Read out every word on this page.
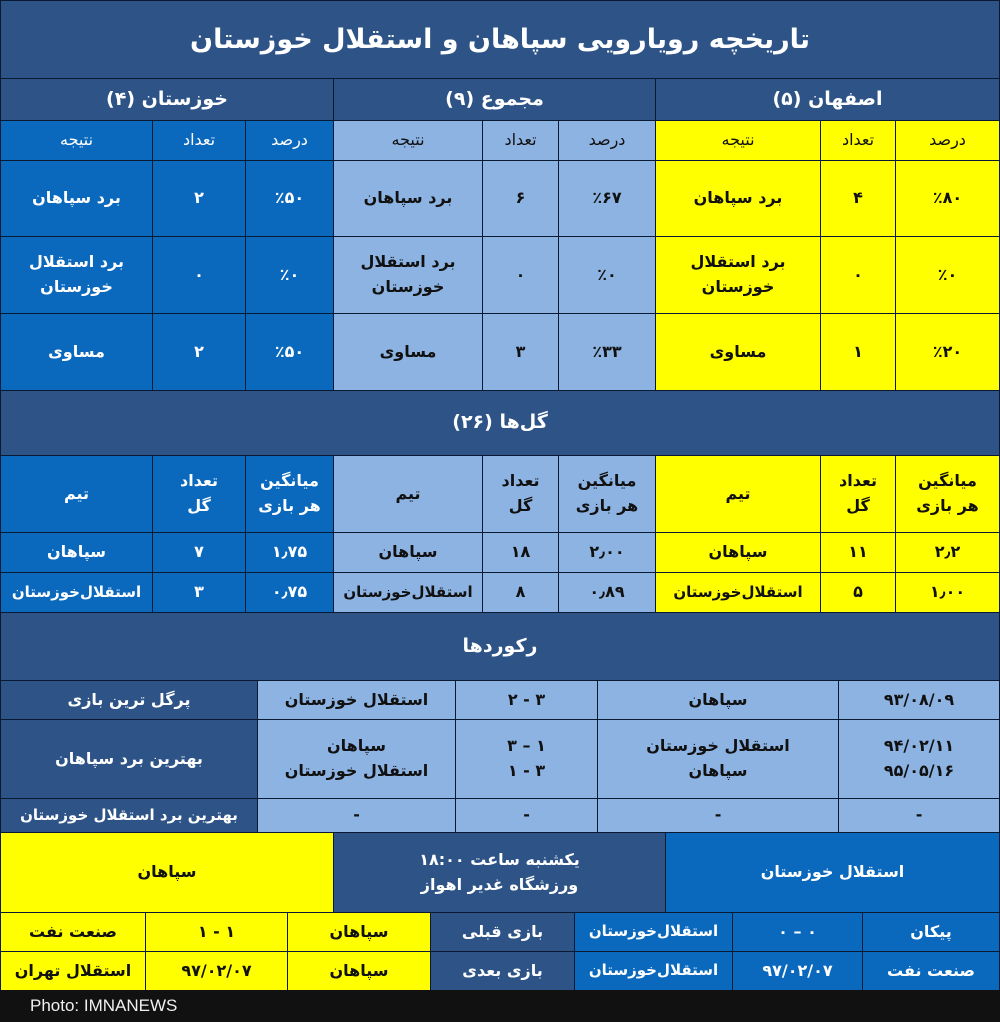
تاریخچه رویارویی سپاهان و استقلال خوزستان
اصفهان (۵)
مجموع (۹)
خوزستان (۴)
درصد
تعداد
نتیجه
٪۸۰
۴
برد سپاهان
٪۰
۰
برد استقلال
خوزستان
٪۲۰
۱
مساوی
درصد
تعداد
نتیجه
٪۶۷
۶
برد سپاهان
٪۰
۰
برد استقلال
خوزستان
٪۳۳
۳
مساوی
درصد
تعداد
نتیجه
٪۵۰
۲
برد سپاهان
٪۰
۰
برد استقلال
خوزستان
٪۵۰
۲
مساوی
گل‌ها (۲۶)
میانگین
هر بازی
تعداد
گل
تیم
۲٫۲
۱۱
سپاهان
۱٫۰۰
۵
استقلال‌خوزستان
میانگین
هر بازی
تعداد
گل
تیم
۲٫۰۰
۱۸
سپاهان
۰٫۸۹
۸
استقلال‌خوزستان
میانگین
هر بازی
تعداد
گل
تیم
۱٫۷۵
۷
سپاهان
۰٫۷۵
۳
استقلال‌خوزستان
رکوردها
۹۳/۰۸/۰۹
سپاهان
۳ - ۲
استقلال خوزستان
پرگل ترین بازی
۹۴/۰۲/۱۱
۹۵/۰۵/۱۶
استقلال خوزستان
سپاهان
۱ – ۳
۳ - ۱
سپاهان
استقلال خوزستان
بهترین برد سپاهان
-
-
-
-
بهترین برد استقلال خوزستان
استقلال خوزستان
یکشنبه ساعت ۱۸:۰۰
ورزشگاه غدیر اهواز
سپاهان
پیکان
۰ – ۰
استقلال‌خوزستان
بازی قبلی
سپاهان
۱ - ۱
صنعت نفت
صنعت نفت
۹۷/۰۲/۰۷
استقلال‌خوزستان
بازی بعدی
سپاهان
۹۷/۰۲/۰۷
استقلال تهران
Photo: IMNANEWS
